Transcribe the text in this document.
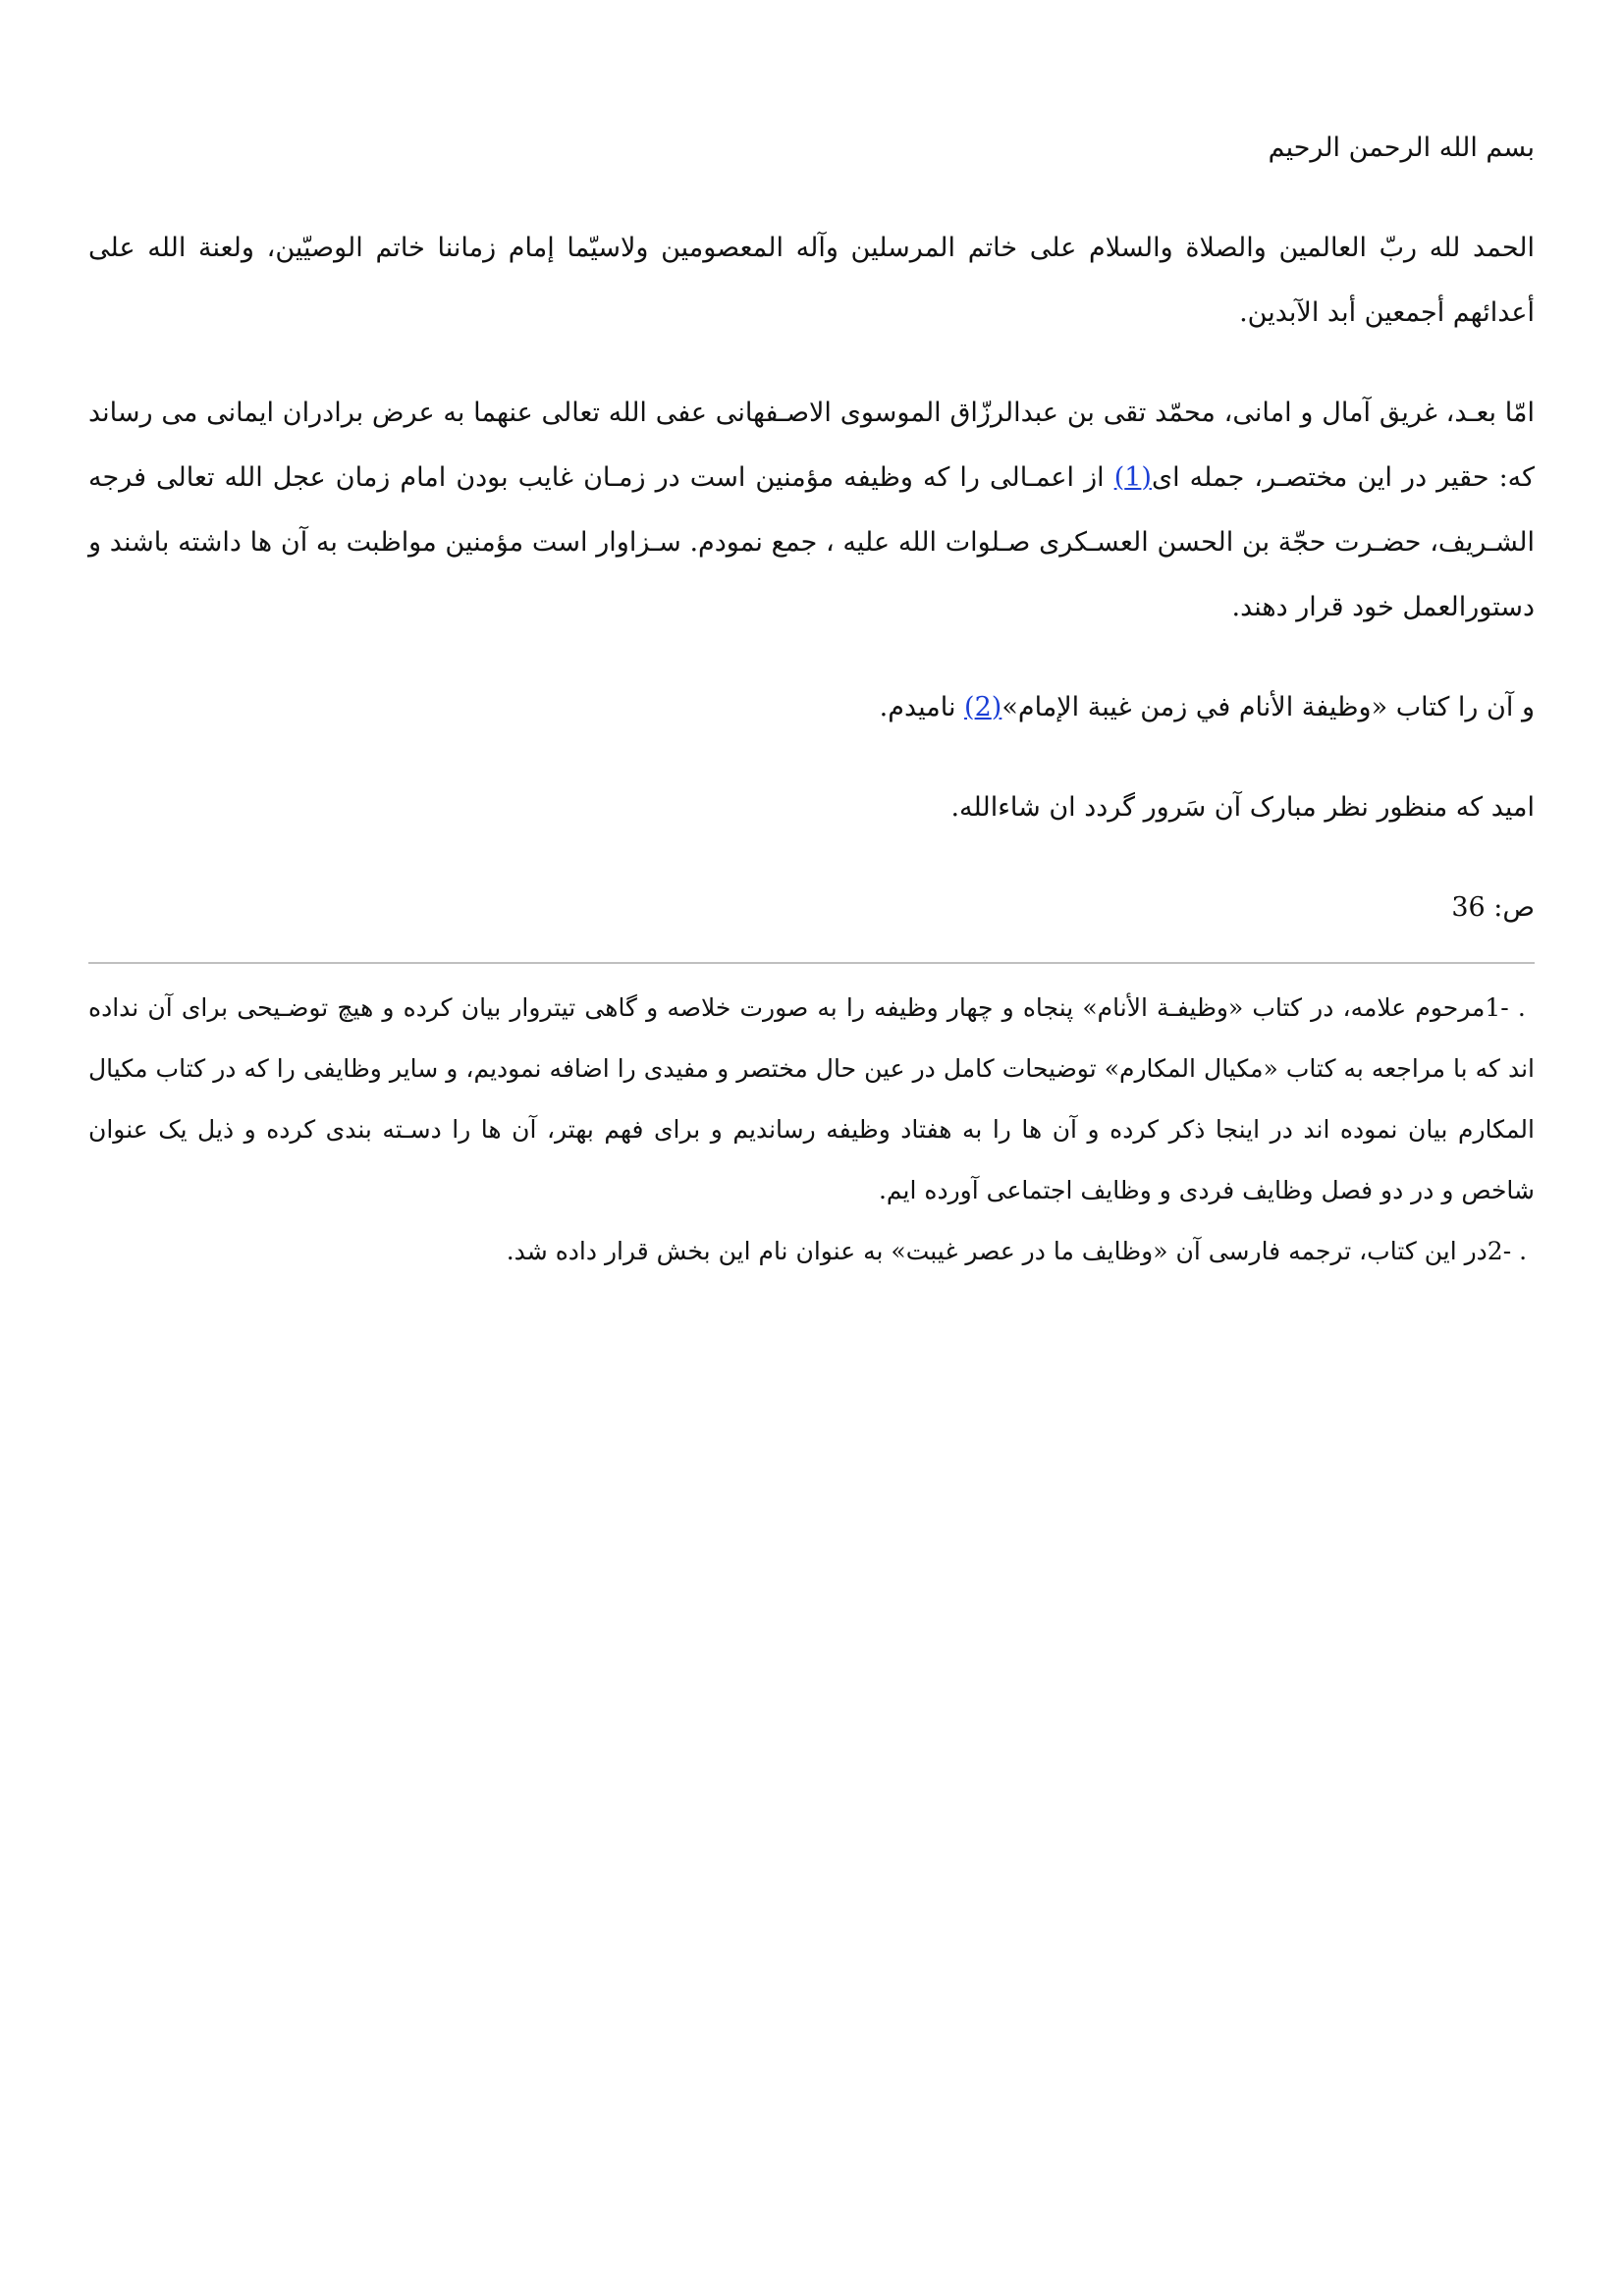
بسم الله الرحمن الرحيم

الحمد لله ربّ العالمین والصلاة والسلام علی خاتم المرسلین وآله المعصومین ولاسیّما إمام زماننا خاتم الوصیّین، ولعنة الله علی أعدائهم أجمعین أبد الآبدین.

امّا بعـد، غریق آمال و امانی، محمّد تقی بن عبدالرزّاق الموسوی الاصـفهانی عفی الله تعالی عنهما به عرض برادران ایمانی می رساند که: حقیر در این مختصـر، جمله ای(1) از اعمـالی را که وظیفه مؤمنین است در زمـان غایب بودن امام زمان عجل الله تعالی فرجه الشـریف، حضـرت حجّة بن الحسن العسـکری صـلوات الله علیه ، جمع نمودم. سـزاوار است مؤمنین مواظبت به آن ها داشته باشند و دستورالعمل خود قرار دهند.

و آن را کتاب «وظیفة الأنام في زمن غیبة الإمام»(2) نامیدم.

امید که منظور نظر مبارک آن سَرور گردد ان شاءالله.

ص: 36

1- . مرحوم علامه، در کتاب «وظیفـة الأنام» پنجاه و چهار وظیفه را به صورت خلاصه و گاهی تیتروار بیان کرده و هیچ توضـیحی برای آن نداده اند که با مراجعه به کتاب «مکیال المکارم» توضیحات کامل در عین حال مختصر و مفیدی را اضافه نمودیم، و سایر وظایفی را که در کتاب مکیال المکارم بیان نموده اند در اینجا ذکر کرده و آن ها را به هفتاد وظیفه رساندیم و برای فهم بهتر، آن ها را دسـته بندی کرده و ذیل یک عنوان شاخص و در دو فصل وظایف فردی و وظایف اجتماعی آورده ایم.

2- . در این کتاب، ترجمه فارسی آن «وظایف ما در عصر غیبت» به عنوان نام این بخش قرار داده شد.
